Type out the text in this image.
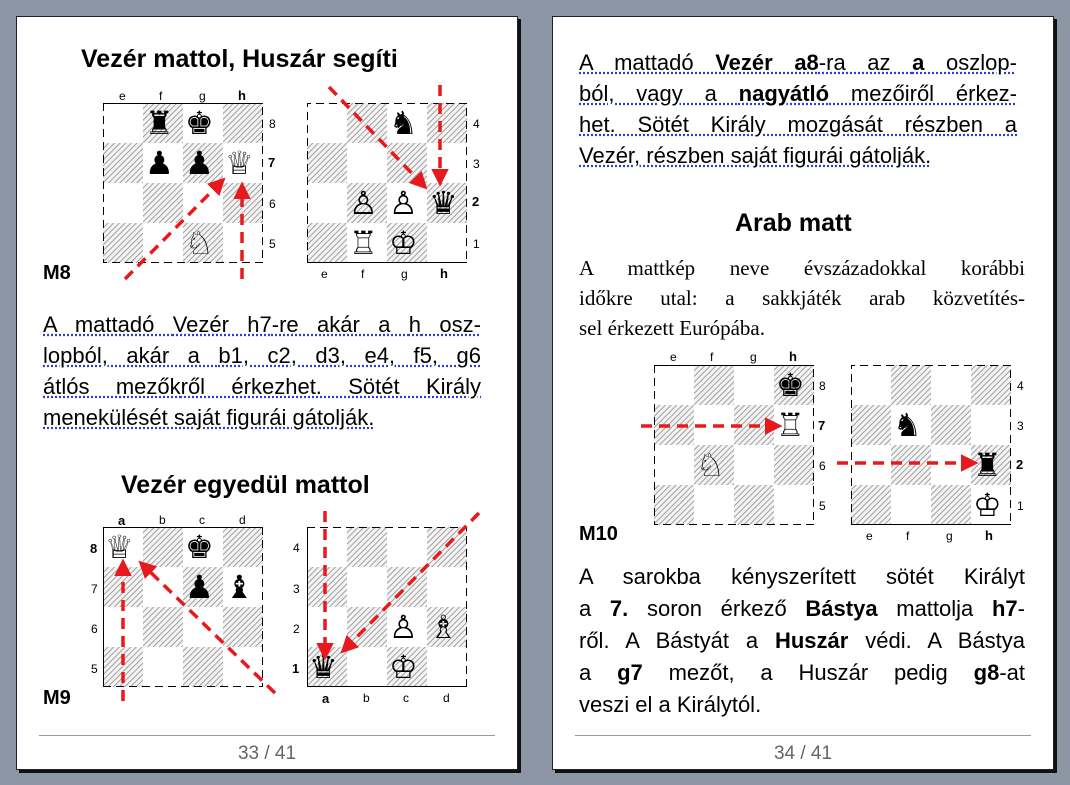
Vezér mattol, Huszár segíti
♜ ♚
♟ ♟ ♕
♘
e	f	g h
8
7
6
5
♞
♙ ♙ ♛
♖ ♔
4
3
2
1
e	f	g h
M8
A mattadó Vezér h7-re akár a h osz-
lopból, akár a b1, c2, d3, e4, f5, g6
átlós mezőkről érkezhet. Sötét Király
menekülését saját figurái gátolják.
Vezér egyedül mattol
♕ ♚
♟ ♝
a	b	c	d
8
7
6
5
♙ ♗
♛ ♔
4
3
2
1
a	b	c	d
M9
33 / 41
A mattadó Vezér a8-ra az a oszlop-
ból, vagy a nagyátló mezőiről érkez-
het. Sötét Király mozgását részben a
Vezér, részben saját figurái gátolják.
Arab matt
A mattkép neve évszázadokkal korábbi
időkre utal: a sakkjáték arab közvetítés-
sel érkezett Európába.
♚
♖
♘
e	f	g h
8
7
6
5
♞
♜
♔
4
3
2
1
e	f	g h
M10
A sarokba kényszerített sötét Királyt
a 7. soron érkező Bástya mattolja h7-
ről. A Bástyát a Huszár védi. A Bástya
a g7 mezőt, a Huszár pedig g8-at
veszi el a Királytól.
34 / 41
